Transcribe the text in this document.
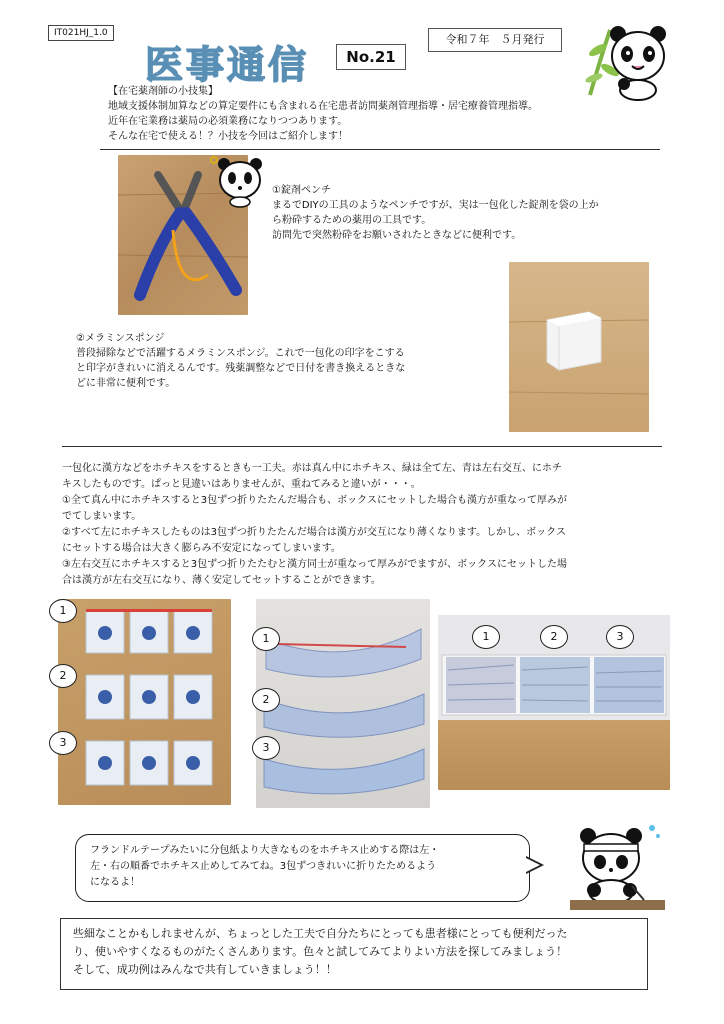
IT021HJ_1.0
医事通信	No.21
令和７年　５月発行
【在宅薬剤師の小技集】
地域支援体制加算などの算定要件にも含まれる在宅患者訪問薬剤管理指導・居宅療養管理指導。
近年在宅業務は薬局の必須業務になりつつあります。
そんな在宅で使える！？小技を今回はご紹介します！
①錠剤ペンチ
まるでDIYの工具のようなペンチですが、実は一包化した錠剤を袋の上か
ら粉砕するための薬用の工具です。
訪問先で突然粉砕をお願いされたときなどに便利です。
②メラミンスポンジ
普段掃除などで活躍するメラミンスポンジ。これで一包化の印字をこする
と印字がきれいに消えるんです。残薬調整などで日付を書き換えるときな
どに非常に便利です。
一包化に漢方などをホチキスをするときも一工夫。赤は真ん中にホチキス、緑は全て左、青は左右交互、にホチ
キスしたものです。ぱっと見違いはありませんが、重ねてみると違いが・・・。
①全て真ん中にホチキスすると3包ずつ折りたたんだ場合も、ボックスにセットした場合も漢方が重なって厚みが
でてしまいます。
②すべて左にホチキスしたものは3包ずつ折りたたんだ場合は漢方が交互になり薄くなります。しかし、ボックス
にセットする場合は大きく膨らみ不安定になってしまいます。
③左右交互にホチキスすると3包ずつ折りたたむと漢方同士が重なって厚みがでますが、ボックスにセットした場
合は漢方が左右交互になり、薄く安定してセットすることができます。
1
2
3
1
2
3
1	2	3
フランドルテープみたいに分包紙より大きなものをホチキス止めする際は左・
左・右の順番でホチキス止めしてみてね。3包ずつきれいに折りたためるよう
になるよ！
些細なことかもしれませんが、ちょっとした工夫で自分たちにとっても患者様にとっても便利だった
り、使いやすくなるものがたくさんあります。色々と試してみてよりよい方法を探してみましょう！
そして、成功例はみんなで共有していきましょう！！
